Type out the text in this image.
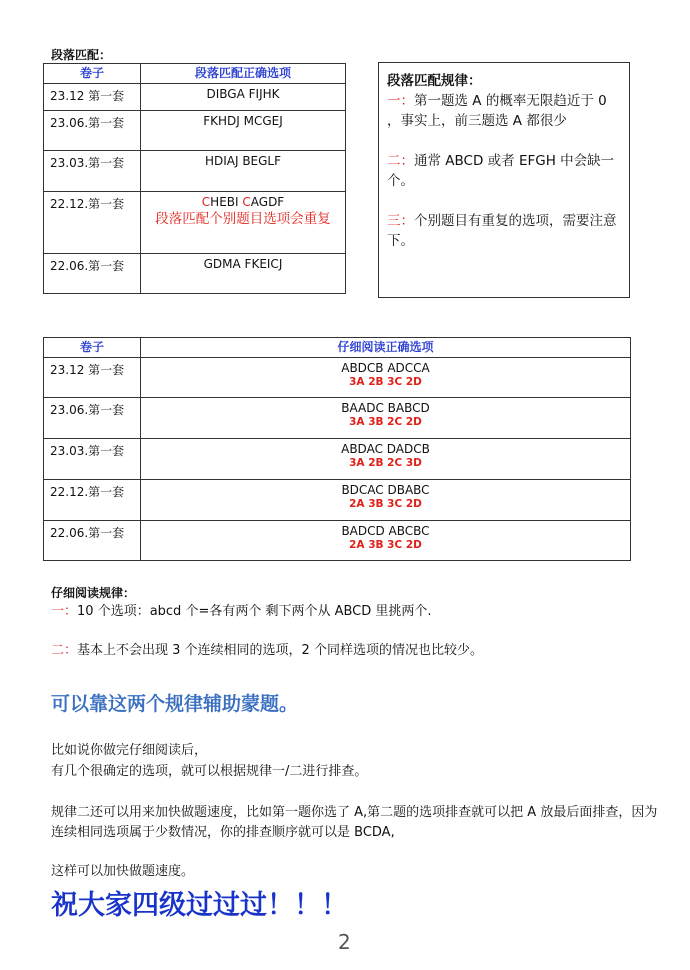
段落匹配：
卷子	段落匹配正确选项
23.12 第一套	DIBGA FIJHK
23.06.第一套	FKHDJ MCGEJ
23.03.第一套	HDIAJ BEGLF
22.12.第一套	CHEBI CAGDF
段落匹配个别题目选项会重复

22.06.第一套	GDMA FKEICJ
段落匹配规律：

一：第一题选 A 的概率无限趋近于 0 ，事实上，前三题选 A 都很少

二：通常 ABCD 或者 EFGH 中会缺一个。

三：个别题目有重复的选项，需要注意下。

卷子	仔细阅读正确选项
23.12 第一套	ABDCB ADCCA
3A 2B 3C 2D

23.06.第一套	BAADC BABCD
3A 3B 2C 2D

23.03.第一套	ABDAC DADCB
3A 2B 2C 3D

22.12.第一套	BDCAC DBABC
2A 3B 3C 2D

22.06.第一套	BADCD ABCBC
2A 3B 3C 2D
仔细阅读规律：
一：10 个选项：abcd 个=各有两个 剩下两个从 ABCD 里挑两个.
二：基本上不会出现 3 个连续相同的选项，2 个同样选项的情况也比较少。
可以靠这两个规律辅助蒙题。
比如说你做完仔细阅读后，
有几个很确定的选项，就可以根据规律一/二进行排查。
规律二还可以用来加快做题速度，比如第一题你选了 A,第二题的选项排查就可以把 A 放最后面排查，因为连续相同选项属于少数情况，你的排查顺序就可以是 BCDA,
这样可以加快做题速度。
祝大家四级过过过！！！
2
